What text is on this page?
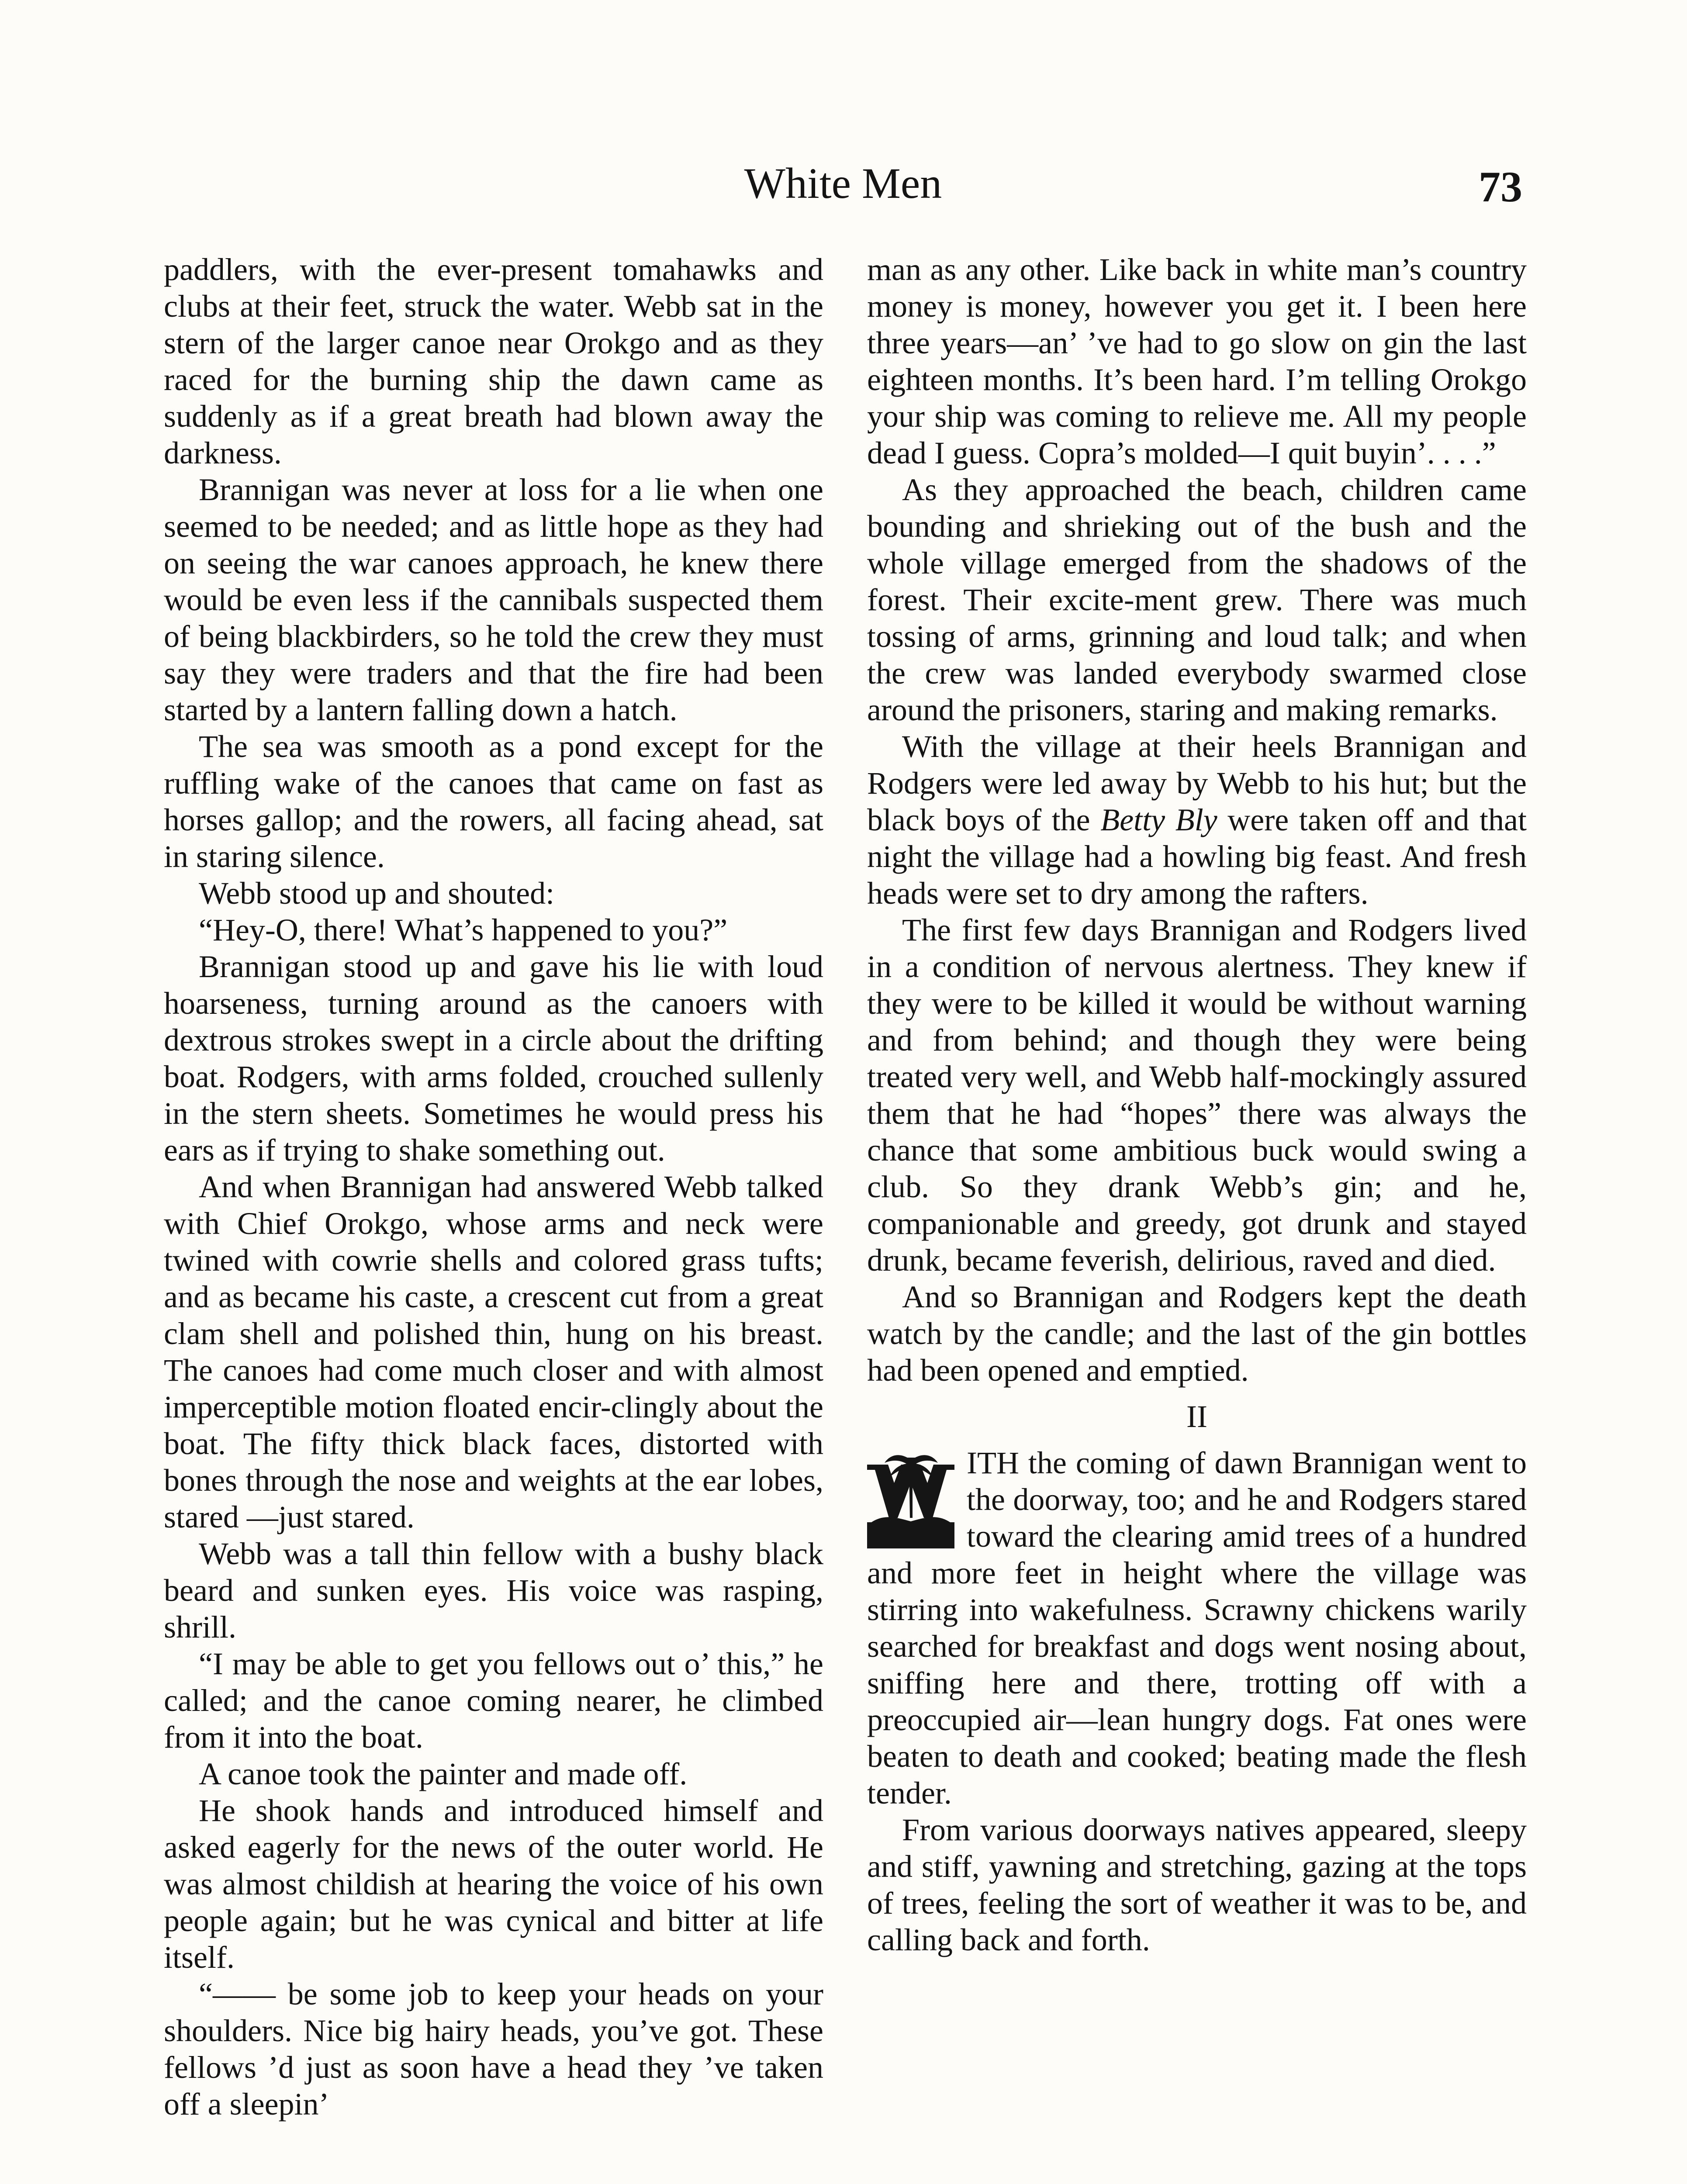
White Men	73

paddlers, with the ever-present tomahawks and clubs at their feet, struck the water. Webb sat in the stern of the larger canoe near Orokgo and as they raced for the burning ship the dawn came as suddenly as if a great breath had blown away the darkness.

Brannigan was never at loss for a lie when one seemed to be needed; and as little hope as they had on seeing the war canoes approach, he knew there would be even less if the cannibals suspected them of being blackbirders, so he told the crew they must say they were traders and that the fire had been started by a lantern falling down a hatch.

The sea was smooth as a pond except for the ruffling wake of the canoes that came on fast as horses gallop; and the rowers, all facing ahead, sat in staring silence.

Webb stood up and shouted:

“Hey-O, there! What’s happened to you?”

Brannigan stood up and gave his lie with loud hoarseness, turning around as the canoers with dextrous strokes swept in a circle about the drifting boat. Rodgers, with arms folded, crouched sullenly in the stern sheets. Sometimes he would press his ears as if trying to shake something out.

And when Brannigan had answered Webb talked with Chief Orokgo, whose arms and neck were twined with cowrie shells and colored grass tufts; and as became his caste, a crescent cut from a great clam shell and polished thin, hung on his breast. The canoes had come much closer and with almost imperceptible motion floated encir-clingly about the boat. The fifty thick black faces, distorted with bones through the nose and weights at the ear lobes, stared —just stared.

Webb was a tall thin fellow with a bushy black beard and sunken eyes. His voice was rasping, shrill.

“I may be able to get you fellows out o’ this,” he called; and the canoe coming nearer, he climbed from it into the boat.

A canoe took the painter and made off.

He shook hands and introduced himself and asked eagerly for the news of the outer world. He was almost childish at hearing the voice of his own people again; but he was cynical and bitter at life itself.

“—— be some job to keep your heads on your shoulders. Nice big hairy heads, you’ve got. These fellows ’d just as soon have a head they ’ve taken off a sleepin’

man as any other. Like back in white man’s country money is money, however you get it. I been here three years—an’ ’ve had to go slow on gin the last eighteen months. It’s been hard. I’m telling Orokgo your ship was coming to relieve me. All my people dead I guess. Copra’s molded—I quit buyin’. . . .”

As they approached the beach, children came bounding and shrieking out of the bush and the whole village emerged from the shadows of the forest. Their excite-ment grew. There was much tossing of arms, grinning and loud talk; and when the crew was landed everybody swarmed close around the prisoners, staring and making remarks.

With the village at their heels Brannigan and Rodgers were led away by Webb to his hut; but the black boys of the Betty Bly were taken off and that night the village had a howling big feast. And fresh heads were set to dry among the rafters.

The first few days Brannigan and Rodgers lived in a condition of nervous alertness. They knew if they were to be killed it would be without warning and from behind; and though they were being treated very well, and Webb half-mockingly assured them that he had “hopes” there was always the chance that some ambitious buck would swing a club. So they drank Webb’s gin; and he, companionable and greedy, got drunk and stayed drunk, became feverish, delirious, raved and died.

And so Brannigan and Rodgers kept the death watch by the candle; and the last of the gin bottles had been opened and emptied.

II

ITH the coming of dawn Brannigan went to the doorway, too; and he and Rodgers stared toward the clearing amid trees of a hundred and more feet in height where the village was stirring into wakefulness. Scrawny chickens warily searched for breakfast and dogs went nosing about, sniffing here and there, trotting off with a preoccupied air—lean hungry dogs. Fat ones were beaten to death and cooked; beating made the flesh tender.

From various doorways natives appeared, sleepy and stiff, yawning and stretching, gazing at the tops of trees, feeling the sort of weather it was to be, and calling back and forth.
